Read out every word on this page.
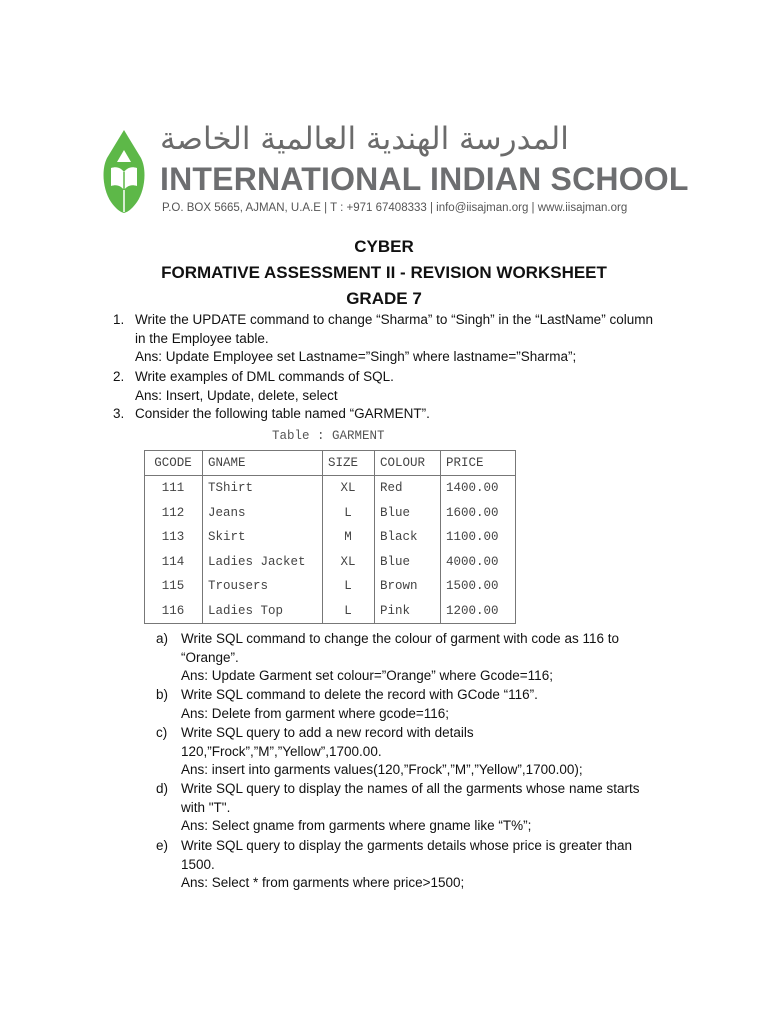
المدرسة الهندية العالمية الخاصة
INTERNATIONAL INDIAN SCHOOL
P.O. BOX 5665, AJMAN, U.A.E | T : +971 67408333 | info@iisajman.org | www.iisajman.org
CYBER
FORMATIVE ASSESSMENT II - REVISION WORKSHEET
GRADE 7
1. Write the UPDATE command to change “Sharma” to “Singh” in the “LastName” column
in the Employee table.
Ans: Update Employee set Lastname=”Singh” where lastname=”Sharma”;
2. Write examples of DML commands of SQL.
Ans: Insert, Update, delete, select
3. Consider the following table named “GARMENT”.
Table : GARMENT
GCODE	GNAME	SIZE	COLOUR	PRICE
111	TShirt	XL	Red	1400.00
112	Jeans	L	Blue	1600.00
113	Skirt	M	Black	1100.00
114	Ladies Jacket	XL	Blue	4000.00
115	Trousers	L	Brown	1500.00
116	Ladies Top	L	Pink	1200.00
a) Write SQL command to change the colour of garment with code as 116 to
“Orange”.
Ans: Update Garment set colour=”Orange” where Gcode=116;
b) Write SQL command to delete the record with GCode “116”.
Ans: Delete from garment where gcode=116;
c) Write SQL query to add a new record with details
120,”Frock”,”M”,”Yellow”,1700.00.
Ans: insert into garments values(120,”Frock”,”M”,”Yellow”,1700.00);
d) Write SQL query to display the names of all the garments whose name starts
with "T".
Ans: Select gname from garments where gname like “T%”;
e) Write SQL query to display the garments details whose price is greater than
1500.
Ans: Select * from garments where price>1500;
